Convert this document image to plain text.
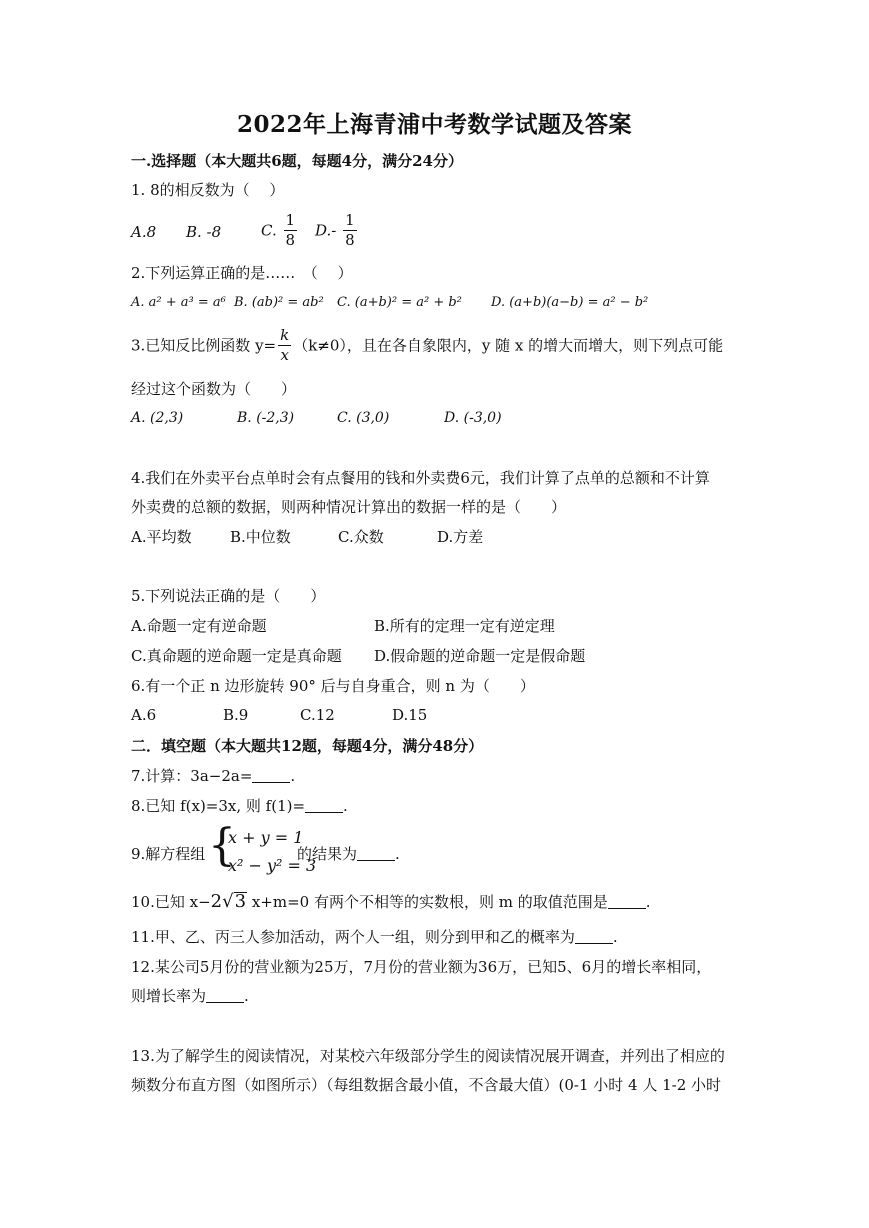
2022年上海青浦中考数学试题及答案
一.选择题（本大题共6题，每题4分，满分24分）
1. 8的相反数为（　 ）
A.8 B. -8	C. $\frac{1}{8} D.- \frac{1}{8}$
2.下列运算正确的是……　（　 ）
A. a² + a³ = a⁶ B. (ab)² = ab² C. (a+b)² = a² + b² D. (a+b)(a−b) = a² − b²
3.已知反比例函数 $y= \frac{k}{x} (k\ne 0)$，且在各自象限内，y 随 x 的增大而增大，则下列点可能
经过这个函数为（　　）
A. (2,3)	B. (-2,3)	C. (3,0)	D. (-3,0)
4.我们在外卖平台点单时会有点餐用的钱和外卖费6元，我们计算了点单的总额和不计算
外卖费的总额的数据，则两种情况计算出的数据一样的是（　　）
A.平均数	B.中位数	C.众数	D.方差
5.下列说法正确的是（　　）
A.命题一定有逆命题	B.所有的定理一定有逆定理
C.真命题的逆命题一定是真命题 D.假命题的逆命题一定是假命题
6.有一个正 n 边形旋转 90° 后与自身重合，则 n 为（　　）
A.6	B.9	C.12	D.15
二．填空题（本大题共12题，每题4分，满分48分）
7.计算：3a−2a=	.
8.已知 f(x)=3x, 则 f(1)=	.
9.解方程组 {
x + y = 1
x² − y² = 3
的结果为	.
10.已知 x−2√3 x+m=0 有两个不相等的实数根，则 m 的取值范围是	.
11.甲、乙、丙三人参加活动，两个人一组，则分到甲和乙的概率为	.
12.某公司5月份的营业额为25万，7月份的营业额为36万，已知5、6月的增长率相同，
则增长率为	.
13.为了解学生的阅读情况，对某校六年级部分学生的阅读情况展开调查，并列出了相应的
频数分布直方图（如图所示）（每组数据含最小值，不含最大值）(0-1 小时 4 人 1-2 小时
